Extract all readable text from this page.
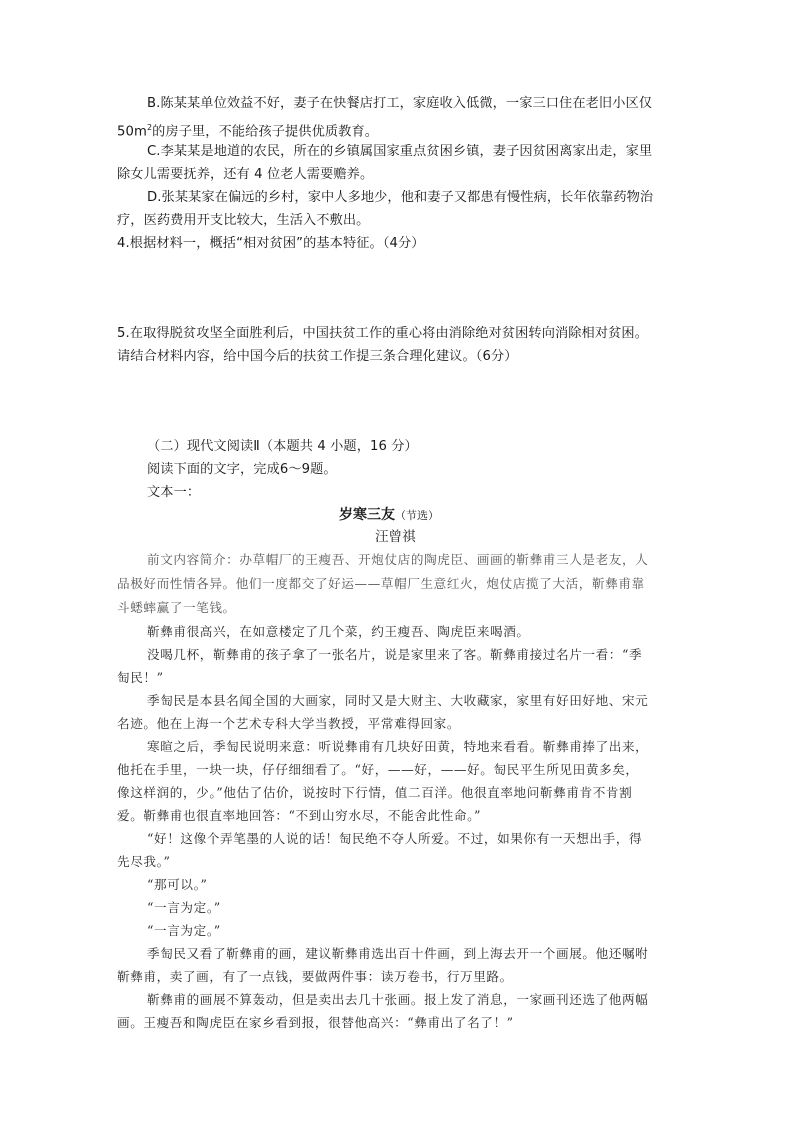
B.陈某某单位效益不好，妻子在快餐店打工，家庭收入低微，一家三口住在老旧小区仅
$50m^2$的房子里，不能给孩子提供优质教育。
C.李某某是地道的农民，所在的乡镇属国家重点贫困乡镇，妻子因贫困离家出走，家里
除女儿需要抚养，还有 4 位老人需要赡养。
D.张某某家在偏远的乡村，家中人多地少，他和妻子又都患有慢性病，长年依靠药物治
疗，医药费用开支比较大，生活入不敷出。
4.根据材料一，概括“相对贫困”的基本特征。（4分）
5.在取得脱贫攻坚全面胜利后，中国扶贫工作的重心将由消除绝对贫困转向消除相对贫困。
请结合材料内容，给中国今后的扶贫工作提三条合理化建议。（6分）
（二）现代文阅读Ⅱ（本题共 4 小题，16 分）
阅读下面的文字，完成6～9题。
文本一：
岁寒三友（节选）
汪曾祺
前文内容简介：办草帽厂的王瘦吾、开炮仗店的陶虎臣、画画的靳彝甫三人是老友，人
品极好而性情各异。他们一度都交了好运——草帽厂生意红火，炮仗店揽了大活，靳彝甫靠
斗蟋蟀赢了一笔钱。
靳彝甫很高兴，在如意楼定了几个菜，约王瘦吾、陶虎臣来喝酒。
没喝几杯，靳彝甫的孩子拿了一张名片，说是家里来了客。靳彝甫接过名片一看：“季
匋民！”
季匋民是本县名闻全国的大画家，同时又是大财主、大收藏家，家里有好田好地、宋元
名迹。他在上海一个艺术专科大学当教授，平常难得回家。
寒暄之后，季匋民说明来意：听说彝甫有几块好田黄，特地来看看。靳彝甫捧了出来，
他托在手里，一块一块，仔仔细细看了。“好，——好，——好。匋民平生所见田黄多矣，
像这样润的，少。”他估了估价，说按时下行情，值二百洋。他很直率地问靳彝甫肯不肯割
爱。靳彝甫也很直率地回答：“不到山穷水尽，不能舍此性命。”
“好！这像个弄笔墨的人说的话！匋民绝不夺人所爱。不过，如果你有一天想出手，得
先尽我。”
“那可以。”
“一言为定。”
“一言为定。”
季匋民又看了靳彝甫的画，建议靳彝甫选出百十件画，到上海去开一个画展。他还嘱咐
靳彝甫，卖了画，有了一点钱，要做两件事：读万卷书，行万里路。
靳彝甫的画展不算轰动，但是卖出去几十张画。报上发了消息，一家画刊还选了他两幅
画。王瘦吾和陶虎臣在家乡看到报，很替他高兴：“彝甫出了名了！”
